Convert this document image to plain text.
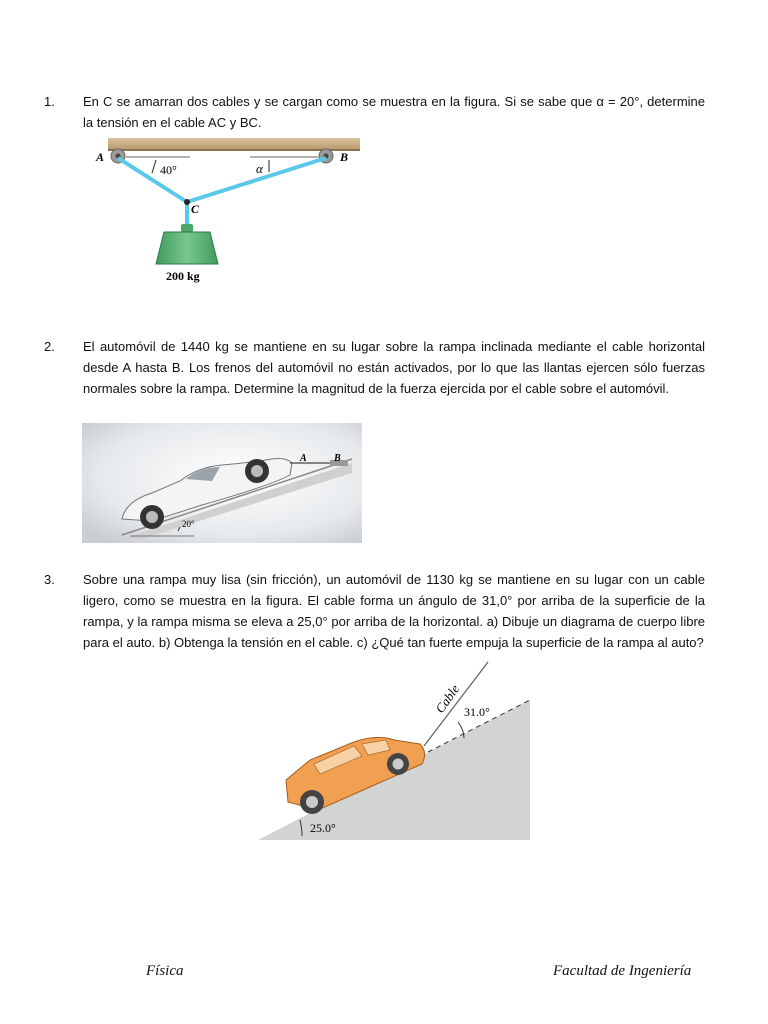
1. En C se amarran dos cables y se cargan como se muestra en la figura. Si se sabe que α = 20°, determine la tensión en el cable AC y BC.
A	B
C
40°	α
200 kg
2. El automóvil de 1440 kg se mantiene en su lugar sobre la rampa inclinada mediante el cable horizontal desde A hasta B. Los frenos del automóvil no están activados, por lo que las llantas ejercen sólo fuerzas normales sobre la rampa. Determine la magnitud de la fuerza ejercida por el cable sobre el automóvil.
A	B
20°
3. Sobre una rampa muy lisa (sin fricción), un automóvil de 1130 kg se mantiene en su lugar con un cable ligero, como se muestra en la figura. El cable forma un ángulo de 31,0° por arriba de la superficie de la rampa, y la rampa misma se eleva a 25,0° por arriba de la horizontal. a) Dibuje un diagrama de cuerpo libre para el auto. b) Obtenga la tensión en el cable. c) ¿Qué tan fuerte empuja la superficie de la rampa al auto?
Cable 31.0°
25.0°
Física	Facultad de Ingeniería
